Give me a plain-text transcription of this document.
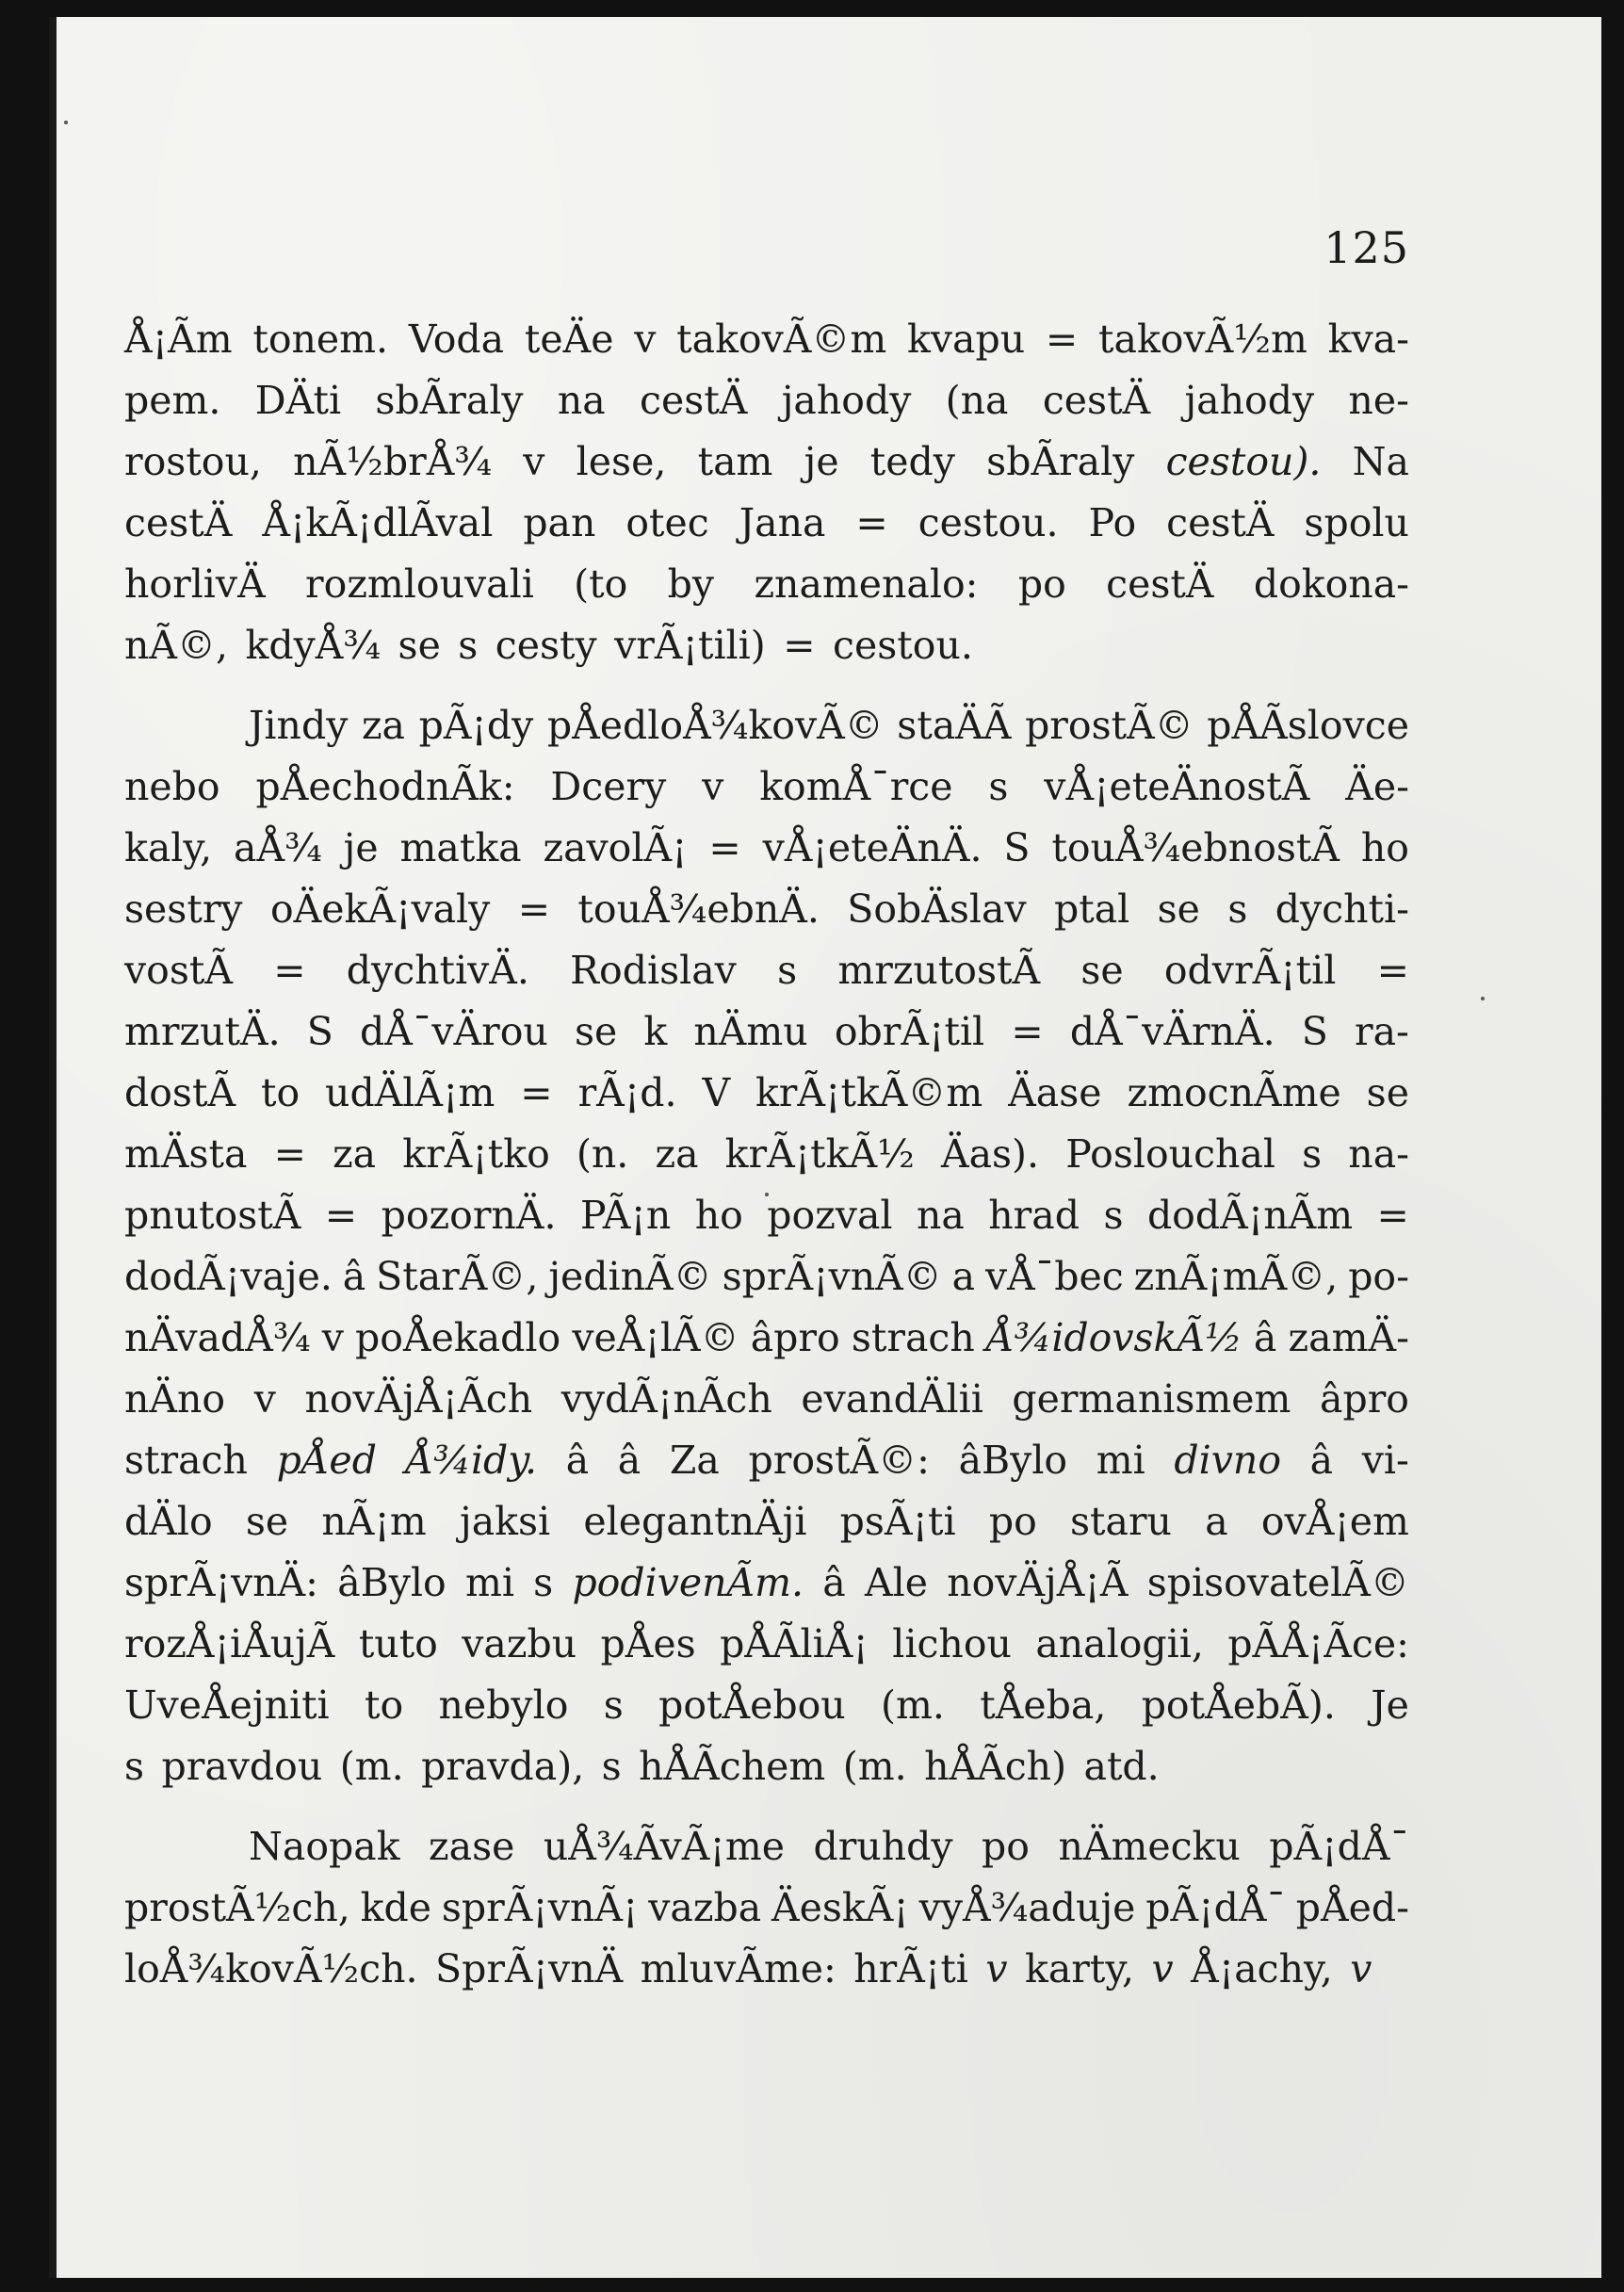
125
Å¡Ãm tonem. Voda teÄe v takovÃ©m kvapu = takovÃ½m kva-
pem. DÄti sbÃraly na cestÄ jahody (na cestÄ jahody ne-
rostou, nÃ½brÅ¾ v lese, tam je tedy sbÃraly cestou). Na
cestÄ Å¡kÃ¡dlÃval pan otec Jana = cestou. Po cestÄ spolu
horlivÄ rozmlouvali (to by znamenalo: po cestÄ dokona-
nÃ©, kdyÅ¾ se s cesty vrÃ¡tili) = cestou.
Jindy za pÃ¡dy pÅedloÅ¾kovÃ© staÄÃ prostÃ© pÅÃslovce
nebo pÅechodnÃk: Dcery v komÅ¯rce s vÅ¡eteÄnostÃ Äe-
kaly, aÅ¾ je matka zavolÃ¡ = vÅ¡eteÄnÄ. S touÅ¾ebnostÃ ho
sestry oÄekÃ¡valy = touÅ¾ebnÄ. SobÄslav ptal se s dychti-
vostÃ = dychtivÄ. Rodislav s mrzutostÃ se odvrÃ¡til =
mrzutÄ. S dÅ¯vÄrou se k nÄmu obrÃ¡til = dÅ¯vÄrnÄ. S ra-
dostÃ to udÄlÃ¡m = rÃ¡d. V krÃ¡tkÃ©m Äase zmocnÃme se
mÄsta = za krÃ¡tko (n. za krÃ¡tkÃ½ Äas). Poslouchal s na-
pnutostÃ = pozornÄ. PÃ¡n ho pozval na hrad s dodÃ¡nÃm =
dodÃ¡vaje. â StarÃ©, jedinÃ© sprÃ¡vnÃ© a vÅ¯bec znÃ¡mÃ©, po-
nÄvadÅ¾ v poÅekadlo veÅ¡lÃ© âpro strach Å¾idovskÃ½ â zamÄ-
nÄno v novÄjÅ¡Ãch vydÃ¡nÃch evandÄlii germanismem âpro
strach pÅed Å¾idy. â â Za prostÃ©: âBylo mi divno â vi-
dÄlo se nÃ¡m jaksi elegantnÄji psÃ¡ti po staru a ovÅ¡em
sprÃ¡vnÄ: âBylo mi s podivenÃm. â Ale novÄjÅ¡Ã spisovatelÃ©
rozÅ¡iÅujÃ tuto vazbu pÅes pÅÃliÅ¡ lichou analogii, pÃÅ¡Ãce:
UveÅejniti to nebylo s potÅebou (m. tÅeba, potÅebÃ). Je
s pravdou (m. pravda), s hÅÃchem (m. hÅÃch) atd.
Naopak zase uÅ¾ÃvÃ¡me druhdy po nÄmecku pÃ¡dÅ¯
prostÃ½ch, kde sprÃ¡vnÃ¡ vazba ÄeskÃ¡ vyÅ¾aduje pÃ¡dÅ¯ pÅed-
loÅ¾kovÃ½ch. SprÃ¡vnÄ mluvÃme: hrÃ¡ti v karty, v Å¡achy, v
